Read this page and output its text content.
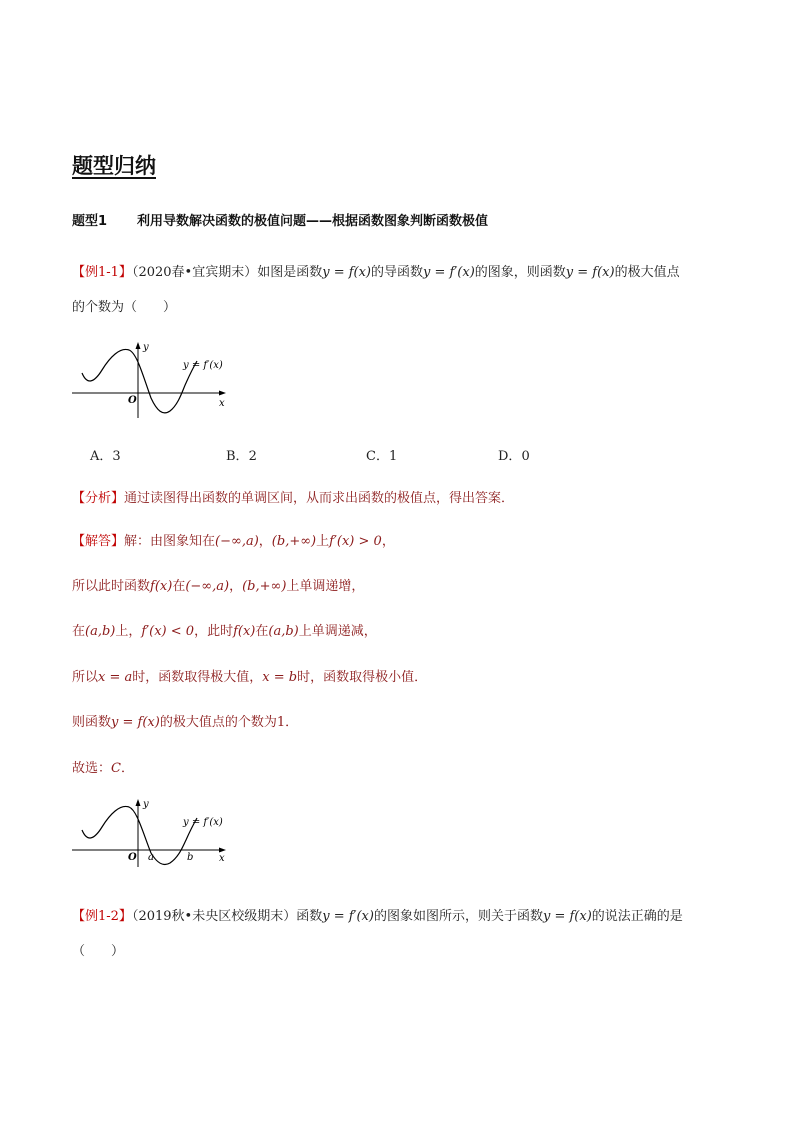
题型归纳
题型1 利用导数解决函数的极值问题——根据函数图象判断函数极值
【例1-1】（2020春•宜宾期末）如图是函数y = f(x)的导函数y = f′(x)的图象，则函数y = f(x)的极大值点
的个数为（　　）
y
x
O
y = f′(x)
A．3	B．2	C．1	D．0
【分析】通过读图得出函数的单调区间，从而求出函数的极值点，得出答案．
【解答】解：由图象知在(−∞,a)，(b,+∞)上f′(x) > 0，
所以此时函数f(x)在(−∞,a)，(b,+∞)上单调递增，
在(a,b)上，f′(x) < 0，此时f(x)在(a,b)上单调递减，
所以x = a时，函数取得极大值，x = b时，函数取得极小值．
则函数y = f(x)的极大值点的个数为1．
故选：C．
y
x
O a	b
y = f′(x)
【例1-2】（2019秋•未央区校级期末）函数y = f′(x)的图象如图所示，则关于函数y = f(x)的说法正确的是
（　　）
